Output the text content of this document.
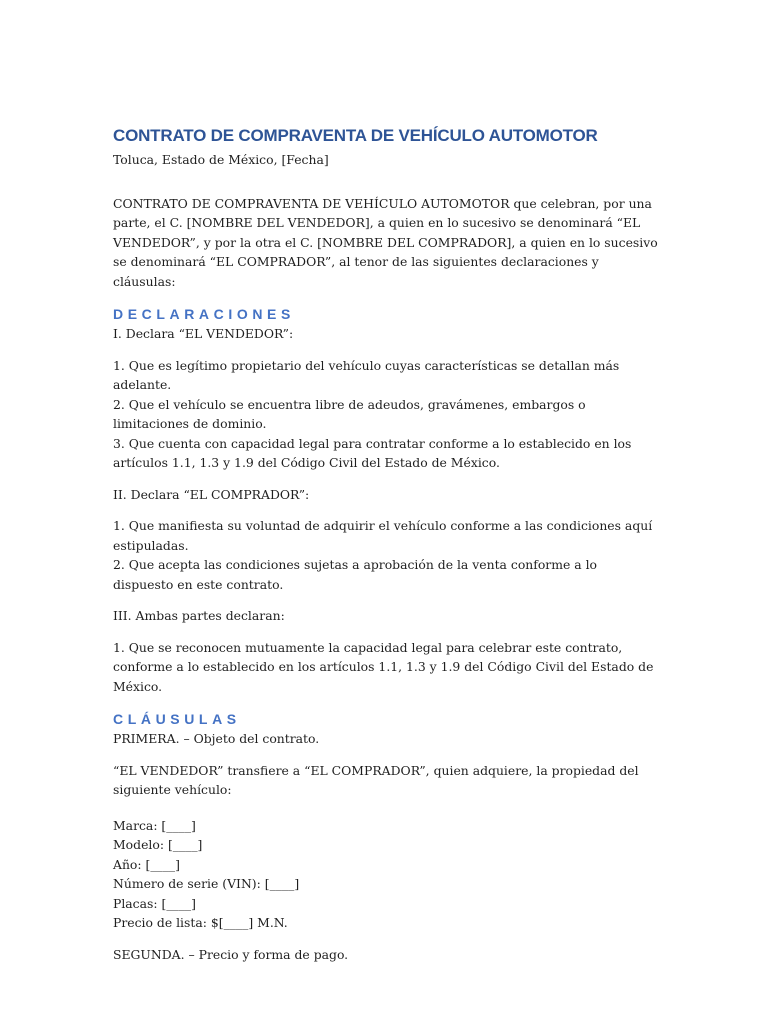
CONTRATO DE COMPRAVENTA DE VEHÍCULO AUTOMOTOR

Toluca, Estado de México, [Fecha]

CONTRATO DE COMPRAVENTA DE VEHÍCULO AUTOMOTOR que celebran, por una parte, el C. [NOMBRE DEL VENDEDOR], a quien en lo sucesivo se denominará “EL VENDEDOR”, y por la otra el C. [NOMBRE DEL COMPRADOR], a quien en lo sucesivo se denominará “EL COMPRADOR”, al tenor de las siguientes declaraciones y cláusulas:

DECLARACIONES

I. Declara “EL VENDEDOR”:

1. Que es legítimo propietario del vehículo cuyas características se detallan más adelante.

2. Que el vehículo se encuentra libre de adeudos, gravámenes, embargos o limitaciones de dominio.

3. Que cuenta con capacidad legal para contratar conforme a lo establecido en los artículos 1.1, 1.3 y 1.9 del Código Civil del Estado de México.

II. Declara “EL COMPRADOR”:

1. Que manifiesta su voluntad de adquirir el vehículo conforme a las condiciones aquí estipuladas.

2. Que acepta las condiciones sujetas a aprobación de la venta conforme a lo dispuesto en este contrato.

III. Ambas partes declaran:

1. Que se reconocen mutuamente la capacidad legal para celebrar este contrato, conforme a lo establecido en los artículos 1.1, 1.3 y 1.9 del Código Civil del Estado de México.

CLÁUSULAS

PRIMERA. – Objeto del contrato.

“EL VENDEDOR” transfiere a “EL COMPRADOR”, quien adquiere, la propiedad del siguiente vehículo:

Marca: [____]

Modelo: [____]

Año: [____]

Número de serie (VIN): [____]

Placas: [____]

Precio de lista: $[____] M.N.

SEGUNDA. – Precio y forma de pago.
